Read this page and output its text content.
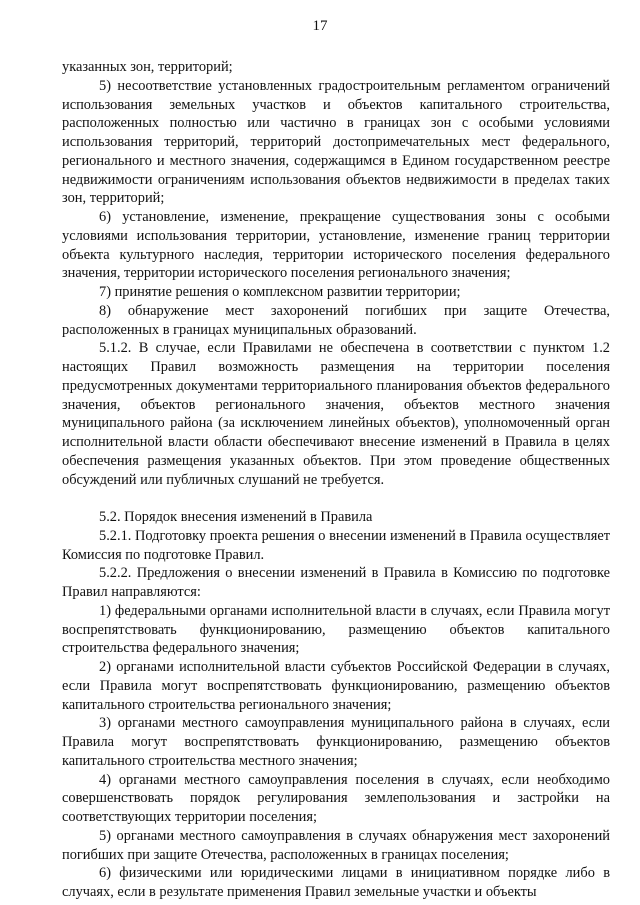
17

указанных зон, территорий;

5) несоответствие установленных градостроительным регламентом ограничений использования земельных участков и объектов капитального строительства, расположенных полностью или частично в границах зон с особыми условиями использования территорий, территорий достопримечательных мест федерального, регионального и местного значения, содержащимся в Едином государственном реестре недвижимости ограничениям использования объектов недвижимости в пределах таких зон, территорий;

6) установление, изменение, прекращение существования зоны с особыми условиями использования территории, установление, изменение границ территории объекта культурного наследия, территории исторического поселения федерального значения, территории исторического поселения регионального значения;

7) принятие решения о комплексном развитии территории;

8) обнаружение мест захоронений погибших при защите Отечества, расположенных в границах муниципальных образований.

5.1.2. В случае, если Правилами не обеспечена в соответствии с пунктом 1.2 настоящих Правил возможность размещения на территории поселения предусмотренных документами территориального планирования объектов федерального значения, объектов регионального значения, объектов местного значения муниципального района (за исключением линейных объектов), уполномоченный орган исполнительной власти области обеспечивают внесение изменений в Правила в целях обеспечения размещения указанных объектов. При этом проведение общественных обсуждений или публичных слушаний не требуется.

5.2. Порядок внесения изменений в Правила

5.2.1. Подготовку проекта решения о внесении изменений в Правила осуществляет Комиссия по подготовке Правил.

5.2.2. Предложения о внесении изменений в Правила в Комиссию по подготовке Правил направляются:

1) федеральными органами исполнительной власти в случаях, если Правила могут воспрепятствовать функционированию, размещению объектов капитального строительства федерального значения;

2) органами исполнительной власти субъектов Российской Федерации в случаях, если Правила могут воспрепятствовать функционированию, размещению объектов капитального строительства регионального значения;

3) органами местного самоуправления муниципального района в случаях, если Правила могут воспрепятствовать функционированию, размещению объектов капитального строительства местного значения;

4) органами местного самоуправления поселения в случаях, если необходимо совершенствовать порядок регулирования землепользования и застройки на соответствующих территории поселения;

5) органами местного самоуправления в случаях обнаружения мест захоронений погибших при защите Отечества, расположенных в границах поселения;

6) физическими или юридическими лицами в инициативном порядке либо в случаях, если в результате применения Правил земельные участки и объекты
